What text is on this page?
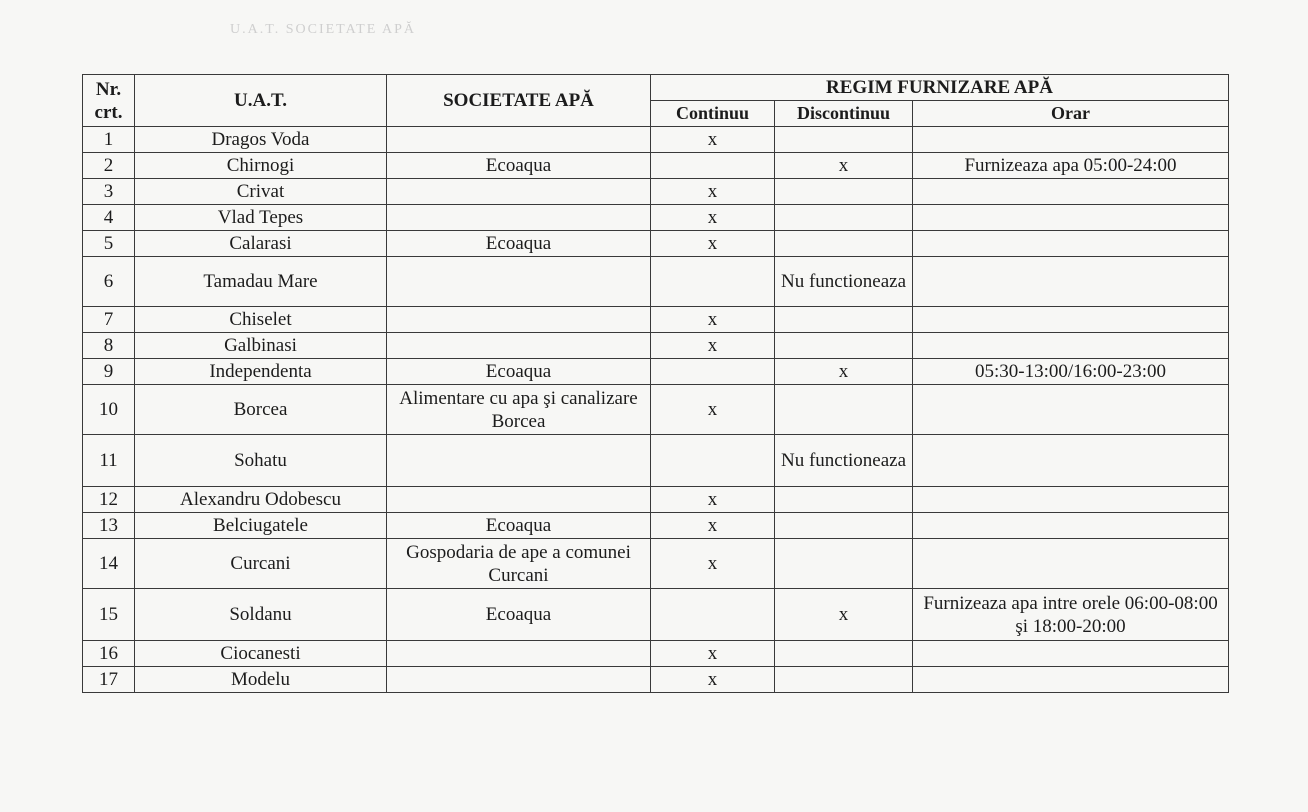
U.A.T. SOCIETATE APĂ
Nr. crt.	U.A.T.	SOCIETATE APĂ	REGIM FURNIZARE APĂ		
			Continuu	Discontinuu	Orar
1	Dragos Voda		x		
2	Chirnogi	Ecoaqua		x	Furnizeaza apa 05:00-24:00
3	Crivat		x		
4	Vlad Tepes		x		
5	Calarasi	Ecoaqua	x		
6	Tamadau Mare			Nu functioneaza	
7	Chiselet		x		
8	Galbinasi		x		
9	Independenta	Ecoaqua		x	05:30-13:00/16:00-23:00
10	Borcea	Alimentare cu apa şi canalizare Borcea	x		
11	Sohatu			Nu functioneaza	
12	Alexandru Odobescu		x		
13	Belciugatele	Ecoaqua	x		
14	Curcani	Gospodaria de ape a comunei Curcani	x		
15	Soldanu	Ecoaqua		x	Furnizeaza apa intre orele 06:00-08:00 şi 18:00-20:00
16	Ciocanesti		x		
17	Modelu		x		
